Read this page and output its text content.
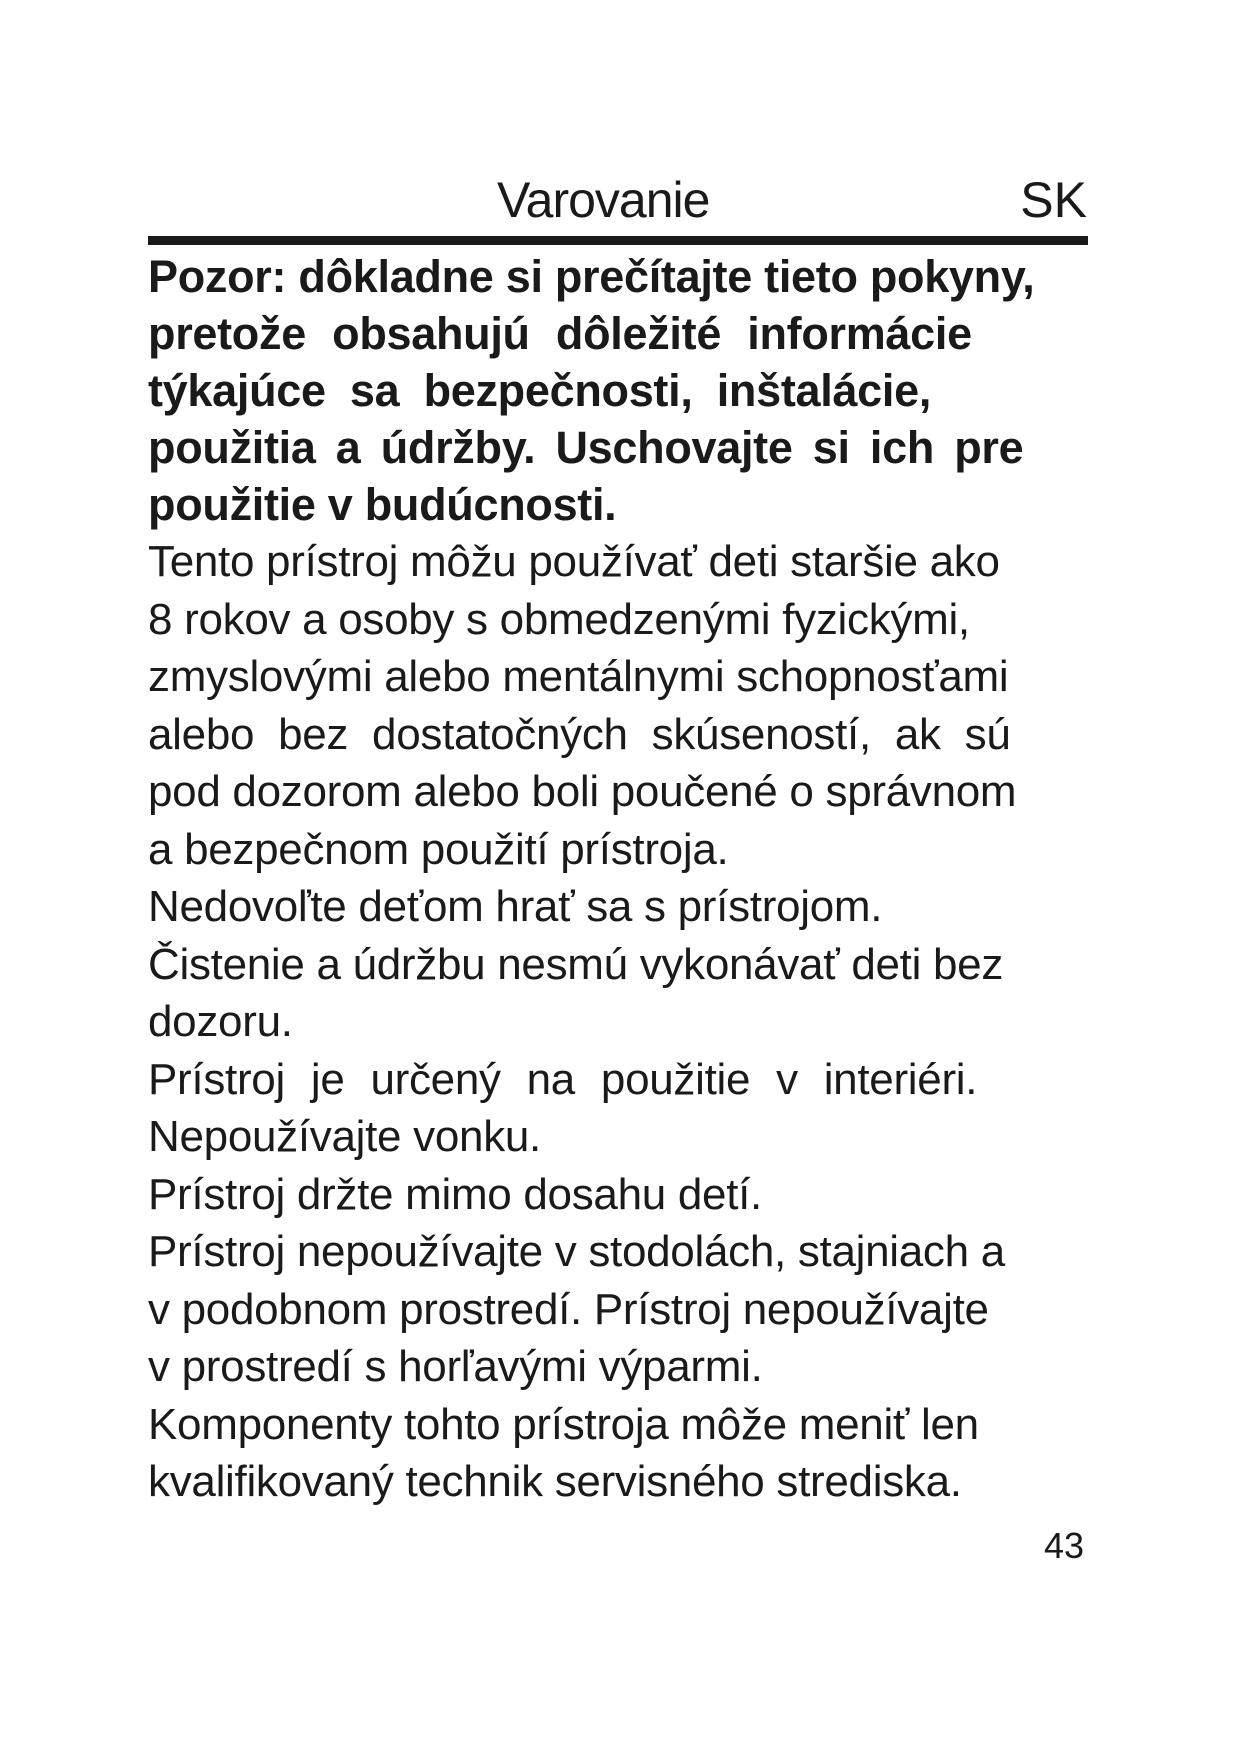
Varovanie	SK

Pozor: dôkladne si prečítajte tieto pokyny,
pretože obsahujú dôležité informácie
týkajúce sa bezpečnosti, inštalácie,
použitia a údržby. Uschovajte si ich pre
použitie v budúcnosti.

Tento prístroj môžu používať deti staršie ako
8 rokov a osoby s obmedzenými fyzickými,
zmyslovými alebo mentálnymi schopnosťami
alebo bez dostatočných skúseností, ak sú
pod dozorom alebo boli poučené o správnom
a bezpečnom použití prístroja.
Nedovoľte deťom hrať sa s prístrojom.
Čistenie a údržbu nesmú vykonávať deti bez
dozoru.
Prístroj je určený na použitie v interiéri.
Nepoužívajte vonku.
Prístroj držte mimo dosahu detí.
Prístroj nepoužívajte v stodolách, stajniach a
v podobnom prostredí. Prístroj nepoužívajte
v prostredí s horľavými výparmi.
Komponenty tohto prístroja môže meniť len
kvalifikovaný technik servisného strediska.

43
